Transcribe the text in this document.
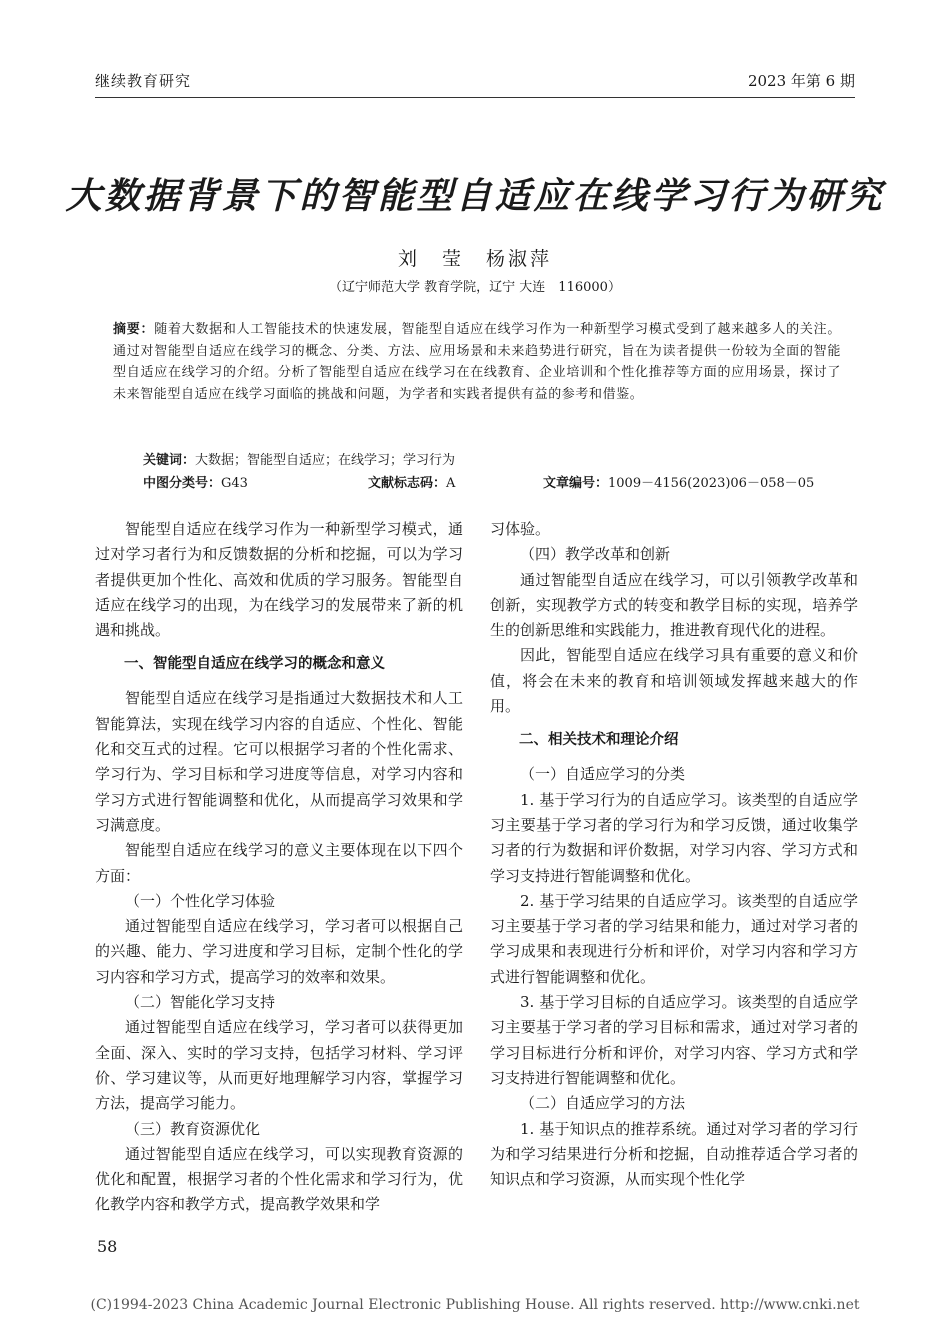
继续教育研究	2023 年第 6 期
大数据背景下的智能型自适应在线学习行为研究
刘　莹　杨淑萍
（辽宁师范大学 教育学院，辽宁 大连　116000）
摘要：随着大数据和人工智能技术的快速发展，智能型自适应在线学习作为一种新型学习模式受到了越来越多人的关注。通过对智能型自适应在线学习的概念、分类、方法、应用场景和未来趋势进行研究，旨在为读者提供一份较为全面的智能型自适应在线学习的介绍。分析了智能型自适应在线学习在在线教育、企业培训和个性化推荐等方面的应用场景，探讨了未来智能型自适应在线学习面临的挑战和问题，为学者和实践者提供有益的参考和借鉴。
关键词：大数据；智能型自适应；在线学习；学习行为
中图分类号：G43	文献标志码：A	文章编号：1009－4156(2023)06－058－05

智能型自适应在线学习作为一种新型学习模式，通过对学习者行为和反馈数据的分析和挖掘，可以为学习者提供更加个性化、高效和优质的学习服务。智能型自适应在线学习的出现，为在线学习的发展带来了新的机遇和挑战。

一、智能型自适应在线学习的概念和意义

智能型自适应在线学习是指通过大数据技术和人工智能算法，实现在线学习内容的自适应、个性化、智能化和交互式的过程。它可以根据学习者的个性化需求、学习行为、学习目标和学习进度等信息，对学习内容和学习方式进行智能调整和优化，从而提高学习效果和学习满意度。

智能型自适应在线学习的意义主要体现在以下四个方面：

（一）个性化学习体验

通过智能型自适应在线学习，学习者可以根据自己的兴趣、能力、学习进度和学习目标，定制个性化的学习内容和学习方式，提高学习的效率和效果。

（二）智能化学习支持

通过智能型自适应在线学习，学习者可以获得更加全面、深入、实时的学习支持，包括学习材料、学习评价、学习建议等，从而更好地理解学习内容，掌握学习方法，提高学习能力。

（三）教育资源优化

通过智能型自适应在线学习，可以实现教育资源的优化和配置，根据学习者的个性化需求和学习行为，优化教学内容和教学方式，提高教学效果和学

习体验。

（四）教学改革和创新

通过智能型自适应在线学习，可以引领教学改革和创新，实现教学方式的转变和教学目标的实现，培养学生的创新思维和实践能力，推进教育现代化的进程。

因此，智能型自适应在线学习具有重要的意义和价值，将会在未来的教育和培训领域发挥越来越大的作用。

二、相关技术和理论介绍

（一）自适应学习的分类

1. 基于学习行为的自适应学习。该类型的自适应学习主要基于学习者的学习行为和学习反馈，通过收集学习者的行为数据和评价数据，对学习内容、学习方式和学习支持进行智能调整和优化。

2. 基于学习结果的自适应学习。该类型的自适应学习主要基于学习者的学习结果和能力，通过对学习者的学习成果和表现进行分析和评价，对学习内容和学习方式进行智能调整和优化。

3. 基于学习目标的自适应学习。该类型的自适应学习主要基于学习者的学习目标和需求，通过对学习者的学习目标进行分析和评价，对学习内容、学习方式和学习支持进行智能调整和优化。

（二）自适应学习的方法

1. 基于知识点的推荐系统。通过对学习者的学习行为和学习结果进行分析和挖掘，自动推荐适合学习者的知识点和学习资源，从而实现个性化学

58
(C)1994-2023 China Academic Journal Electronic Publishing House. All rights reserved. http://www.cnki.net
